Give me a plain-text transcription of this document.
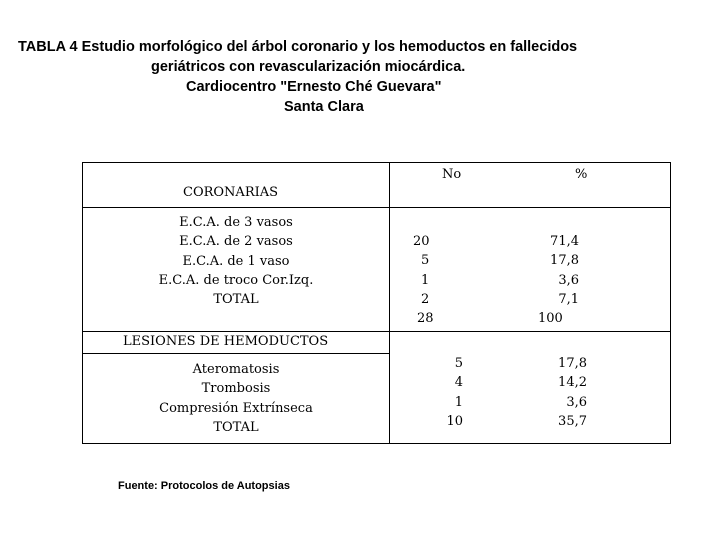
TABLA 4 Estudio morfológico del árbol coronario y los hemoductos en fallecidos
geriátricos con revascularización miocárdica.
Cardiocentro "Ernesto Ché Guevara"
Santa Clara
CORONARIAS
No	%
E.C.A. de 3 vasos
E.C.A. de 2 vasos
E.C.A. de 1 vaso
E.C.A. de troco Cor.Izq.
TOTAL
20
5
1
2
28
71,4
17,8
3,6
7,1
100
LESIONES DE HEMODUCTOS
Ateromatosis
Trombosis
Compresión Extrínseca
TOTAL
5
4
1
10
17,8
14,2
3,6
35,7
Fuente: Protocolos de Autopsias
